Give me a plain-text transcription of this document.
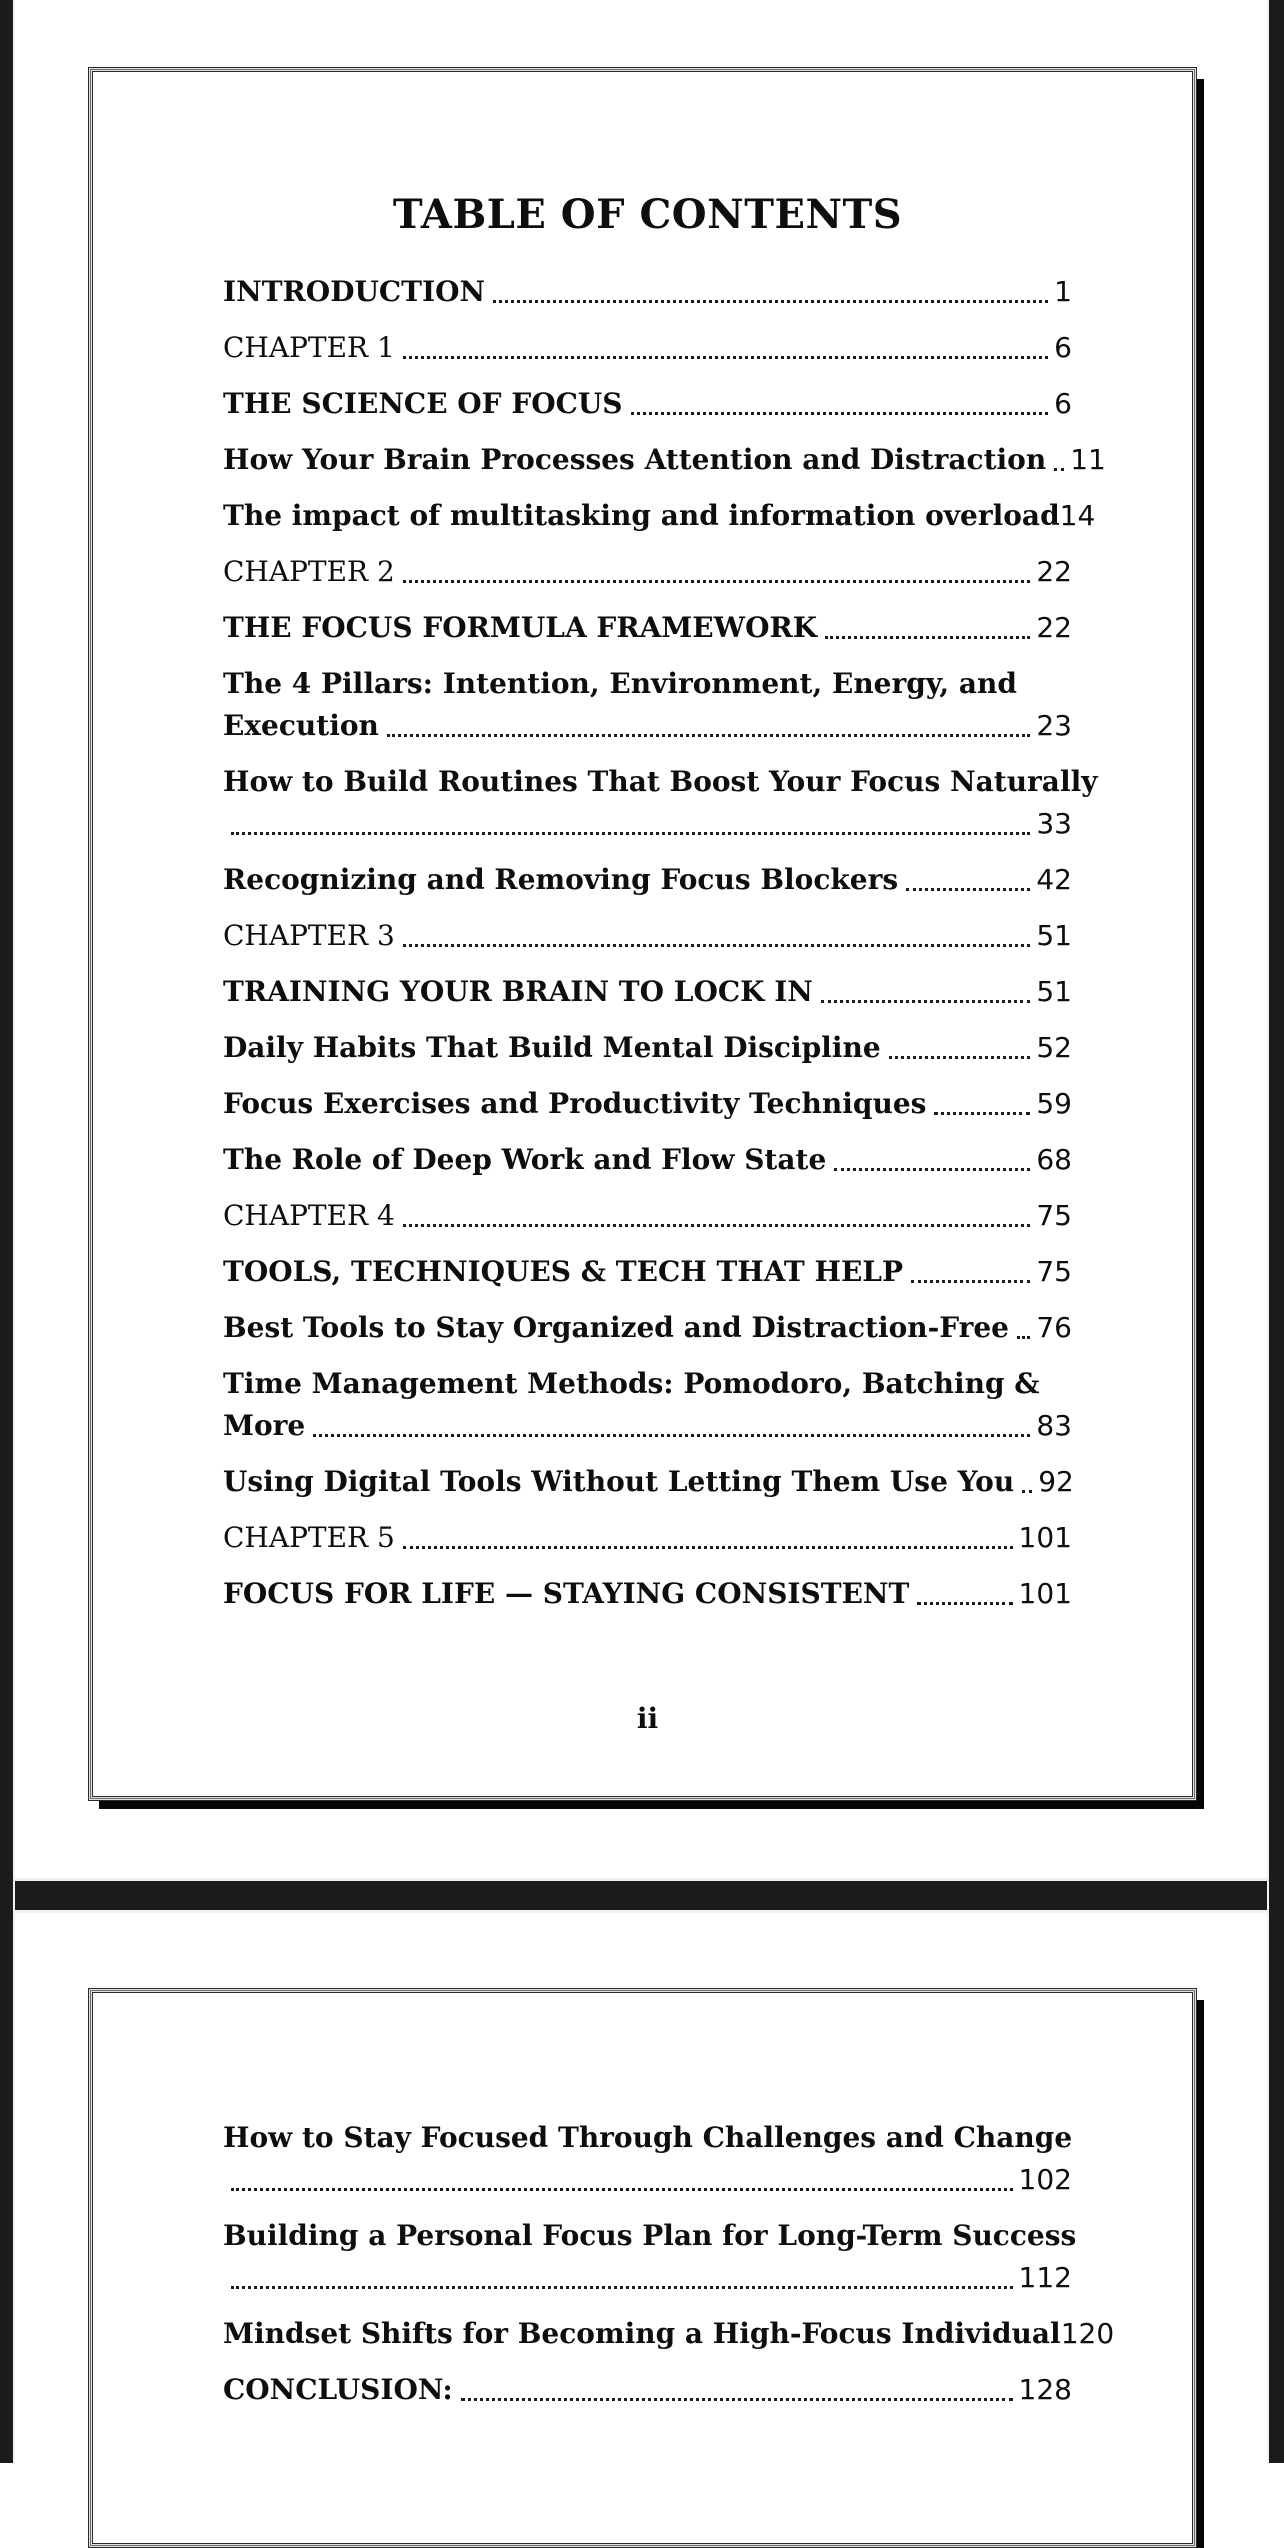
TABLE OF CONTENTS
INTRODUCTION	1
CHAPTER 1	6
THE SCIENCE OF FOCUS	6
How Your Brain Processes Attention and Distraction 11
The impact of multitasking and information overload 14
CHAPTER 2	22
THE FOCUS FORMULA FRAMEWORK	22
The 4 Pillars: Intention, Environment, Energy, and
Execution	23
How to Build Routines That Boost Your Focus Naturally
33
Recognizing and Removing Focus Blockers	42
CHAPTER 3	51
TRAINING YOUR BRAIN TO LOCK IN	51
Daily Habits That Build Mental Discipline	52
Focus Exercises and Productivity Techniques	59
The Role of Deep Work and Flow State	68
CHAPTER 4	75
TOOLS, TECHNIQUES & TECH THAT HELP	75
Best Tools to Stay Organized and Distraction-Free 76
Time Management Methods: Pomodoro, Batching &
More	83
Using Digital Tools Without Letting Them Use You 92
CHAPTER 5	101
FOCUS FOR LIFE — STAYING CONSISTENT	101
ii
How to Stay Focused Through Challenges and Change
102
Building a Personal Focus Plan for Long-Term Success
112
Mindset Shifts for Becoming a High-Focus Individual 120
CONCLUSION:	128
